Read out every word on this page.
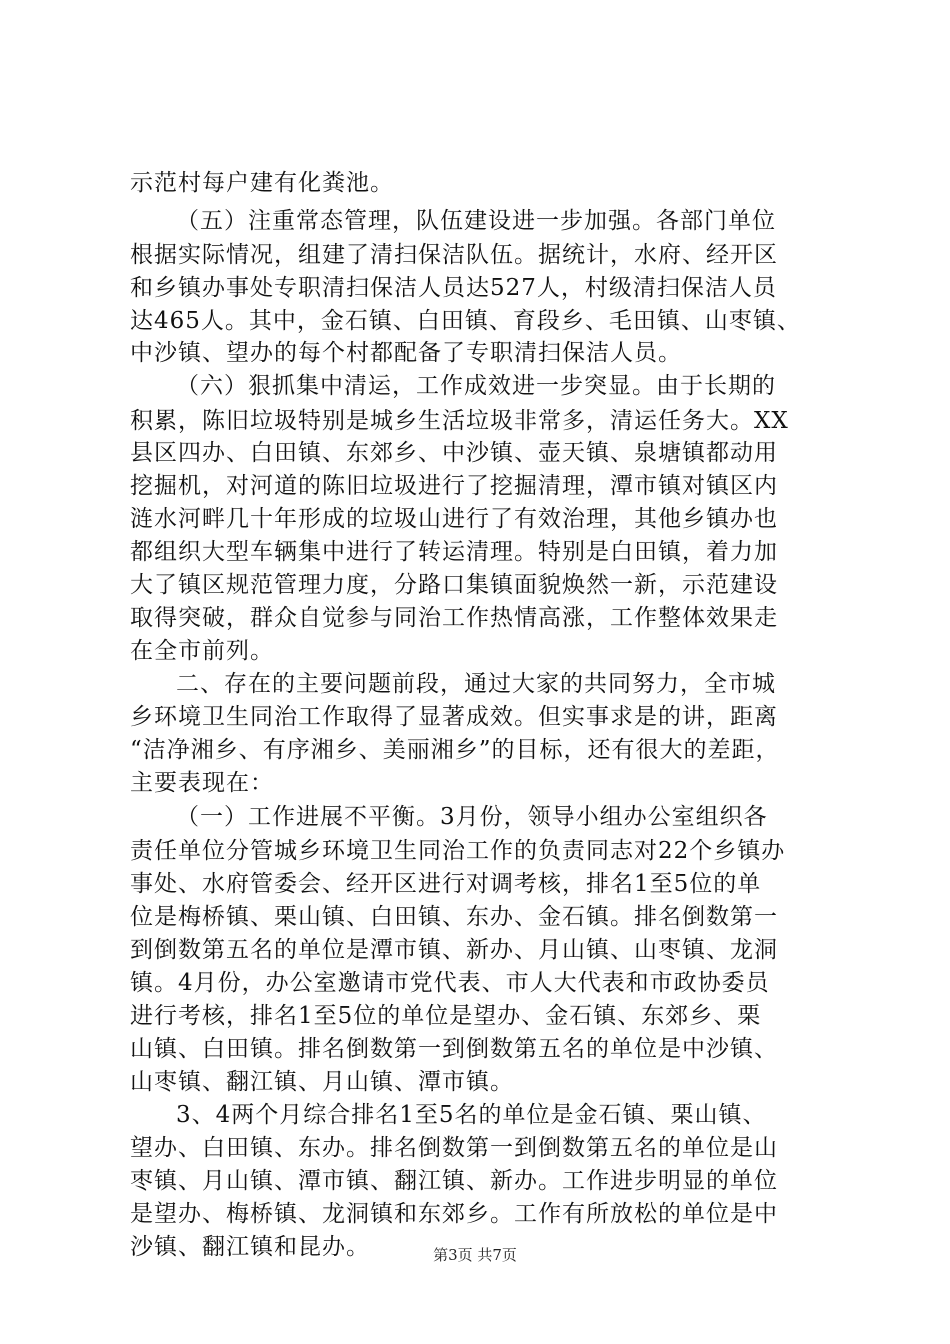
示范村每户建有化粪池。
（五）注重常态管理，队伍建设进一步加强。各部门单位
根据实际情况，组建了清扫保洁队伍。据统计，水府、经开区
和乡镇办事处专职清扫保洁人员达527人，村级清扫保洁人员
达465人。其中，金石镇、白田镇、育段乡、毛田镇、山枣镇、
中沙镇、望办的每个村都配备了专职清扫保洁人员。
（六）狠抓集中清运，工作成效进一步突显。由于长期的
积累，陈旧垃圾特别是城乡生活垃圾非常多，清运任务大。XX
县区四办、白田镇、东郊乡、中沙镇、壶天镇、泉塘镇都动用
挖掘机，对河道的陈旧垃圾进行了挖掘清理，潭市镇对镇区内
涟水河畔几十年形成的垃圾山进行了有效治理，其他乡镇办也
都组织大型车辆集中进行了转运清理。特别是白田镇，着力加
大了镇区规范管理力度，分路口集镇面貌焕然一新，示范建设
取得突破，群众自觉参与同治工作热情高涨，工作整体效果走
在全市前列。
二、存在的主要问题前段，通过大家的共同努力，全市城
乡环境卫生同治工作取得了显著成效。但实事求是的讲，距离
“洁净湘乡、有序湘乡、美丽湘乡”的目标，还有很大的差距，
主要表现在：
（一）工作进展不平衡。3月份，领导小组办公室组织各
责任单位分管城乡环境卫生同治工作的负责同志对22个乡镇办
事处、水府管委会、经开区进行对调考核，排名1至5位的单
位是梅桥镇、栗山镇、白田镇、东办、金石镇。排名倒数第一
到倒数第五名的单位是潭市镇、新办、月山镇、山枣镇、龙洞
镇。4月份，办公室邀请市党代表、市人大代表和市政协委员
进行考核，排名1至5位的单位是望办、金石镇、东郊乡、栗
山镇、白田镇。排名倒数第一到倒数第五名的单位是中沙镇、
山枣镇、翻江镇、月山镇、潭市镇。
3、4两个月综合排名1至5名的单位是金石镇、栗山镇、
望办、白田镇、东办。排名倒数第一到倒数第五名的单位是山
枣镇、月山镇、潭市镇、翻江镇、新办。工作进步明显的单位
是望办、梅桥镇、龙洞镇和东郊乡。工作有所放松的单位是中
沙镇、翻江镇和昆办。	第3页 共7页
